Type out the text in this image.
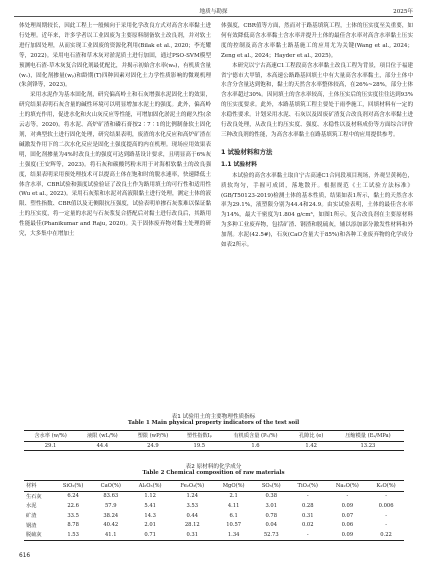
地质与勘探	2025年

体处理周期较长，因此工程上一般倾向于采用化学改良方式对高含水率黏土进行处理。近年来，许多学者以工业固废为主要原料制备软土改良剂，并对软土进行加固处理，从而实现工业固废的资源化利用(Bilak et al., 2020；李光耀等，2022)。采用电石渣和草木灰对淤泥质土进行加固，通过PSO-SVM模型预测电石渣-草木灰复合固化剂最优配比，并揭示初始含水率(w₀)，有机质含量(wₒ)，固化剂掺量(wₚ)和龄期(T)四种因素对固化土力学性质影响的微观机理(朱剑锋等，2023)。

采用水泥作为基本固化剂，研究偏高岭土和石灰增强水泥固化土的效果，研究结果表明石灰含量的碱性环境可以明显增加水泥土的强度。此外，偏高岭土的填充作用，促进水化和火山灰反应等性能，可增加固化淤泥土的耐久性(余云志等，2020)。将水泥、高炉矿渣和磷石膏按2∶7∶1的比例制备软土固化剂，对典型软土进行固化处理，研究结果表明，废渣的水化反应和高炉矿渣在碱激发作用下的二次水化反应是固化土强度提高的内在机理。现场应用效果表明，固化剂掺量为4%时改良土的强度可达到路基设计要求，且明显高于6%灰土强度(王安辉等，2023)。将石灰和碳酸钙粉末用于对海相软黏土的改良强度，结果表明采用预处理技术可以提高土体在饱和时的脱水速率，快速降低土体含水率，CBR试验和强度试验验证了改良土作为路用填土的可行性和适用性(Wu et al., 2022)。采用石灰浆和水泥对高液限黏土进行处理，测定土体的液限、塑性指数、CBR值以及无侧限抗压强度，试验表明单掺石灰浆难以保证黏土的压实度，将一定量的水泥与石灰浆复合搭配后对黏土进行改良后，其路用性能最佳(Phanikumar and Raju, 2020)。关于固体废弃物对黏土处理的研究，大多集中在增加土

体强度，CBR值等方面，然而对于路基填筑工程，土体的压实度至关重要，如何有效降低高含水率黏土含水率并提升土体的最佳含水率对高含水率黏土压实度的控制及高含水率黏土路基施工的应用尤为关键(Wang et al., 2024；Zeng et al., 2024；Hayder et al., 2025)。

本研究以宁古高速C1工程段高含水率黏土改良工程为背景，项目位于福建省宁德市大甲镇，本高速公路路基回填土中有大量高含水率黏土，部分土体中水含分含量达到饱和，黏土的天然含水率整体较高，在26%~28%，部分土体含水率超过30%。因同填土的含水率较高，土体压实后的压实度往往达到93%的压实度要求。此外，本路基填筑工程主要处于雨季施工，回填材料有一定的水稳性要求。计划采用水泥、石灰以及固废矿渣复合改良剂对高含水率黏土进行改良处理，从改良土的压实度、强度、水稳性以及材料成份等方面综合评价三种改良剂的性能，为高含水率黏土在路基填筑工程中的应用提供参考。

1 试验材料和方法
1.1 试验材料

本试验的高含水率黏土取自宁古高速C1合同段项目现场，外观呈黄褐色，质软均匀，手握可成团，落地散开。根据规范《土工试验方法标准》(GB/T50123-2019)检测土体的基本性质，结果如表1所示，黏土的天然含水率为29.1%，液塑限分别为44.4和24.9。由实试验表明，土体的最佳含水率为14%，最大干密度为1.804 g/cm³，如图1所示。复合改良剂在主要原材料为多种工业废弃物，包括矿渣、钢渣和脱硫灰，辅以添加部分激发性材料和外加剂。水泥(42.5#)，石灰(CaO含量大于85%)和各种工业废弃物的化学成分如表2所示。

表1 试验用土的主要物理性质指标
Table 1 Main physical property indicators of the test soil
含水率 (w/%)	液限 (wL/%)	塑限 (wP/%)	塑性指数Iₚ	有机质含量 (Pₙ/%)	孔隙比 (e)	压缩模量 (Eₛ/MPa)
29.1	44.4	24.9	19.5	1.6	1.42	13.23
表2 原材料的化学成分
Table 2 Chemical composition of raw materials
材料	SiO₂(%)	CaO(%)	Al₂O₃(%)	Fe₂O₃(%)	MgO(%)	SO₃(%)	TiO₂(%)	Na₂O(%)	K₂O(%)
生石灰	6.24	83.63	1.12	1.24	2.1	0.38	-	-	-
水泥	22.6	57.9	5.41	3.53	4.11	3.01	0.28	0.09	0.006
矿渣	33.5	38.24	14.3	0.44	6.1	0.78	0.31	0.07	-
钢渣	8.78	40.42	2.01	28.12	10.57	0.04	0.02	0.06	-
脱硫灰	1.53	41.1	0.71	0.31	1.34	52.73	-	0.09	0.22
616
